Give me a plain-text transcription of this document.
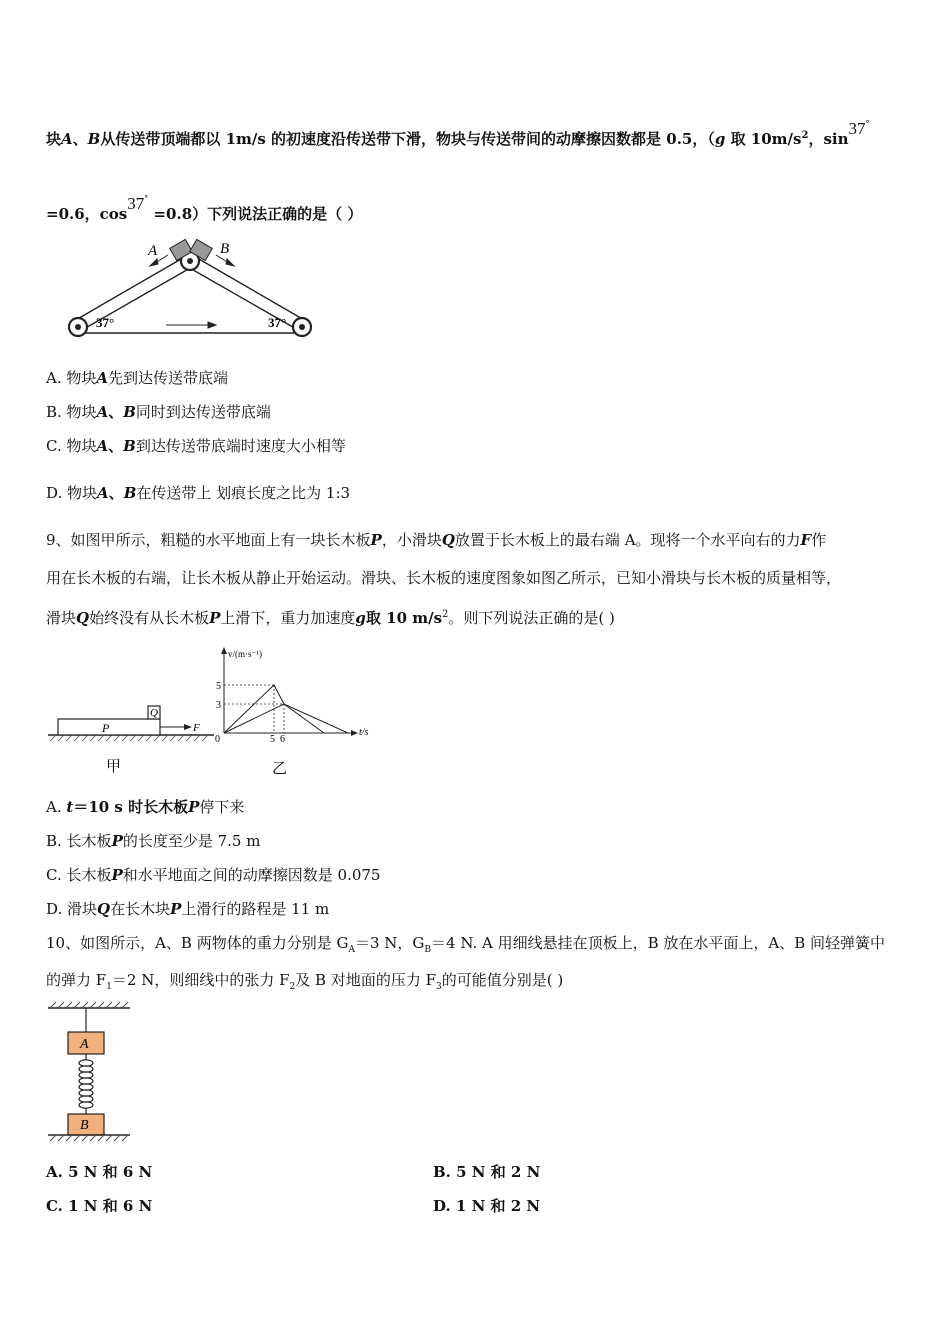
块A、B从传送带顶端都以 1m/s 的初速度沿传送带下滑，物块与传送带间的动摩擦因数都是 0.5，（g 取 $10m/s^2$，sin37°
=0.6，cos37° =0.8）下列说法正确的是（ ）
A	B
37°	37°
A. 物块A先到达传送带底端
B. 物块A、B同时到达传送带底端
C. 物块A、B到达传送带底端时速度大小相等
D. 物块A、B在传送带上 划痕长度之比为 1:3
9、如图甲所示，粗糙的水平地面上有一块长木板P，小滑块Q放置于长木板上的最右端 A。现将一个水平向右的力F作
用在长木板的右端，让长木板从静止开始运动。滑块、长木板的速度图象如图乙所示，已知小滑块与长木板的质量相等，
滑块Q始终没有从长木板P上滑下，重力加速度g取 10 $m/s^2$。则下列说法正确的是( )
P
Q
F
甲
v/(m·s⁻¹)
t/s
0
5
3
5 6
乙
A. t＝10 s 时长木板P停下来
B. 长木板P的长度至少是 7.5 m
C. 长木板P和水平地面之间的动摩擦因数是 0.075
D. 滑块Q在长木块P上滑行的路程是 11 m
10、如图所示，A、B 两物体的重力分别是 $G_A=3$ N，$G_B=4$ N. A 用细线悬挂在顶板上，B 放在水平面上，A、B 间轻弹簧中
的弹力 $F_1=2$ N，则细线中的张力 $F_2$及 B 对地面的压力 $F_3$的可能值分别是( )
A
B
A. 5 N 和 6 N	B. 5 N 和 2 N
C. 1 N 和 6 N	D. 1 N 和 2 N
